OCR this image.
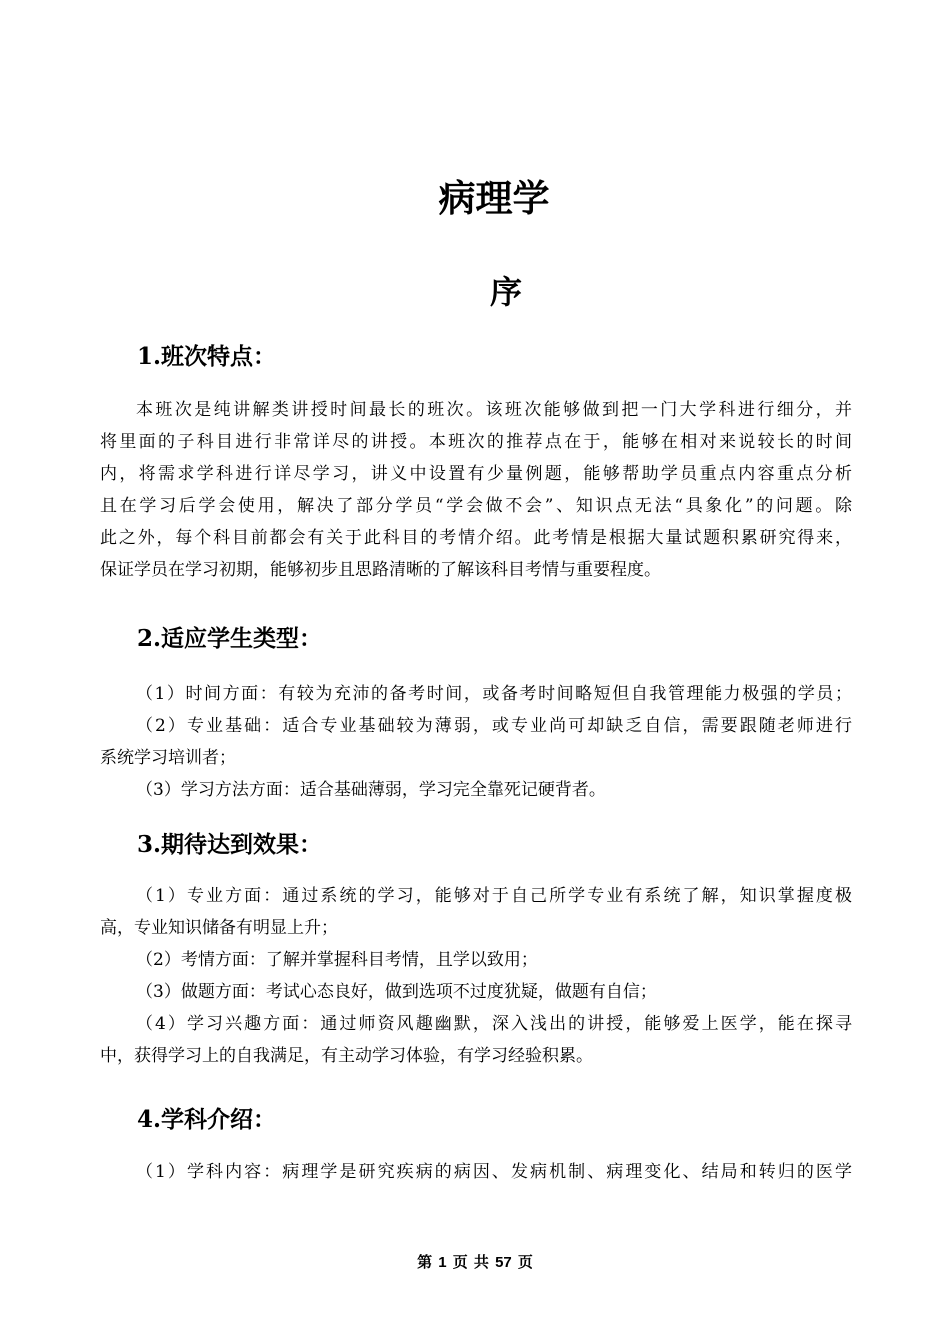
病理学
序
1.班次特点：
本班次是纯讲解类讲授时间最长的班次。该班次能够做到把一门大学科进行细分，并
将里面的子科目进行非常详尽的讲授。本班次的推荐点在于，能够在相对来说较长的时间
内，将需求学科进行详尽学习，讲义中设置有少量例题，能够帮助学员重点内容重点分析
且在学习后学会使用，解决了部分学员“学会做不会”、知识点无法“具象化”的问题。除
此之外，每个科目前都会有关于此科目的考情介绍。此考情是根据大量试题积累研究得来，
保证学员在学习初期，能够初步且思路清晰的了解该科目考情与重要程度。
2.适应学生类型：
（1）时间方面：有较为充沛的备考时间，或备考时间略短但自我管理能力极强的学员；
（2）专业基础：适合专业基础较为薄弱，或专业尚可却缺乏自信，需要跟随老师进行
系统学习培训者；
（3）学习方法方面：适合基础薄弱，学习完全靠死记硬背者。
3.期待达到效果：
（1）专业方面：通过系统的学习，能够对于自己所学专业有系统了解，知识掌握度极
高，专业知识储备有明显上升；
（2）考情方面：了解并掌握科目考情，且学以致用；
（3）做题方面：考试心态良好，做到选项不过度犹疑，做题有自信；
（4）学习兴趣方面：通过师资风趣幽默，深入浅出的讲授，能够爱上医学，能在探寻
中，获得学习上的自我满足，有主动学习体验，有学习经验积累。
4.学科介绍：
（1）学科内容：病理学是研究疾病的病因、发病机制、病理变化、结局和转归的医学
第 1 页 共 57 页
